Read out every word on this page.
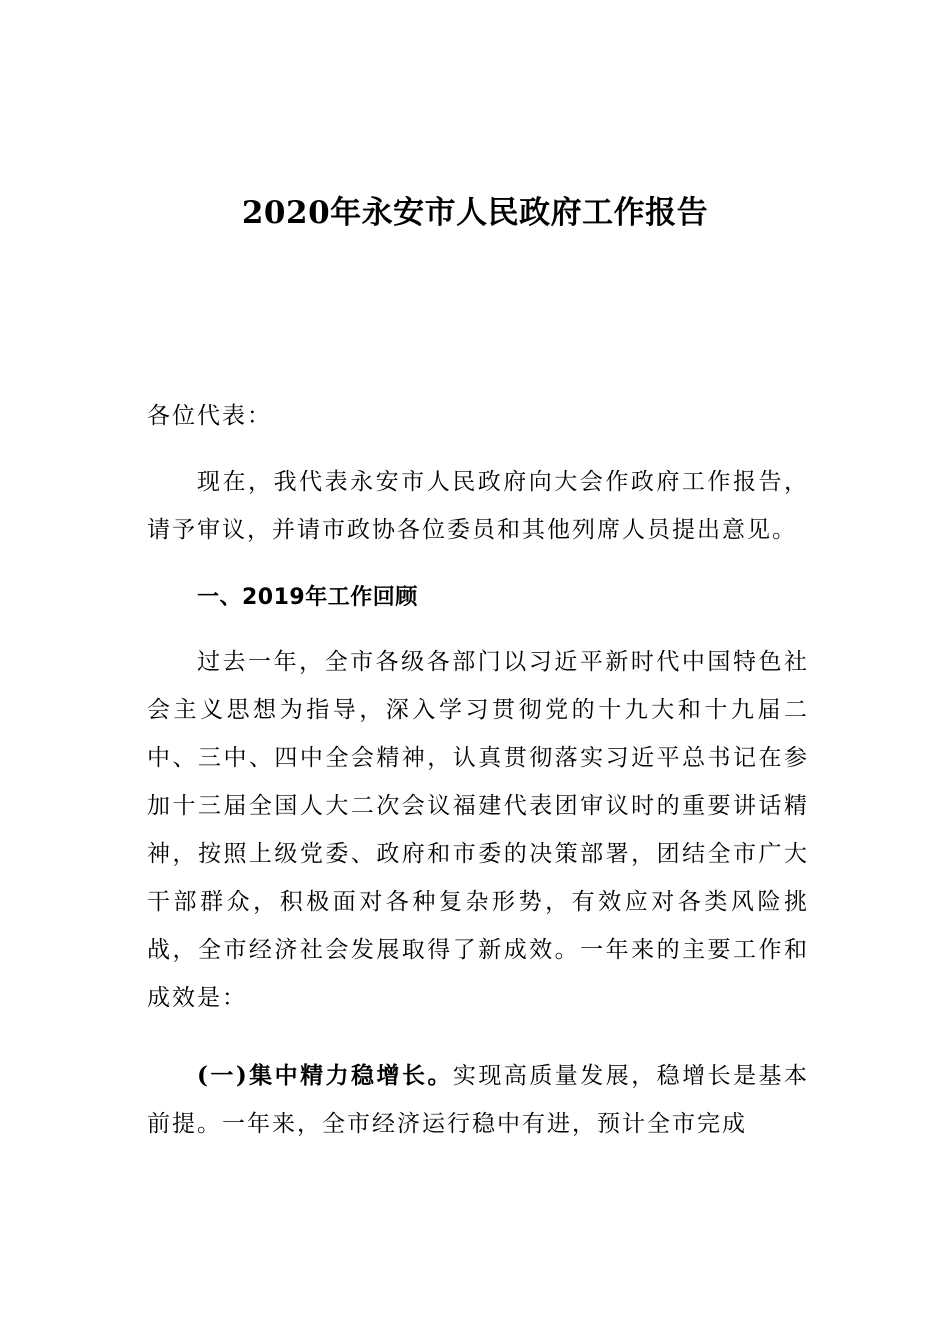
2020年永安市人民政府工作报告
各位代表：
现在，我代表永安市人民政府向大会作政府工作报告，请予审议，并请市政协各位委员和其他列席人员提出意见。
一、2019年工作回顾
过去一年，全市各级各部门以习近平新时代中国特色社会主义思想为指导，深入学习贯彻党的十九大和十九届二中、三中、四中全会精神，认真贯彻落实习近平总书记在参加十三届全国人大二次会议福建代表团审议时的重要讲话精神，按照上级党委、政府和市委的决策部署，团结全市广大干部群众，积极面对各种复杂形势，有效应对各类风险挑战，全市经济社会发展取得了新成效。一年来的主要工作和成效是：
(一)集中精力稳增长。实现高质量发展，稳增长是基本前提。一年来，全市经济运行稳中有进，预计全市完成
